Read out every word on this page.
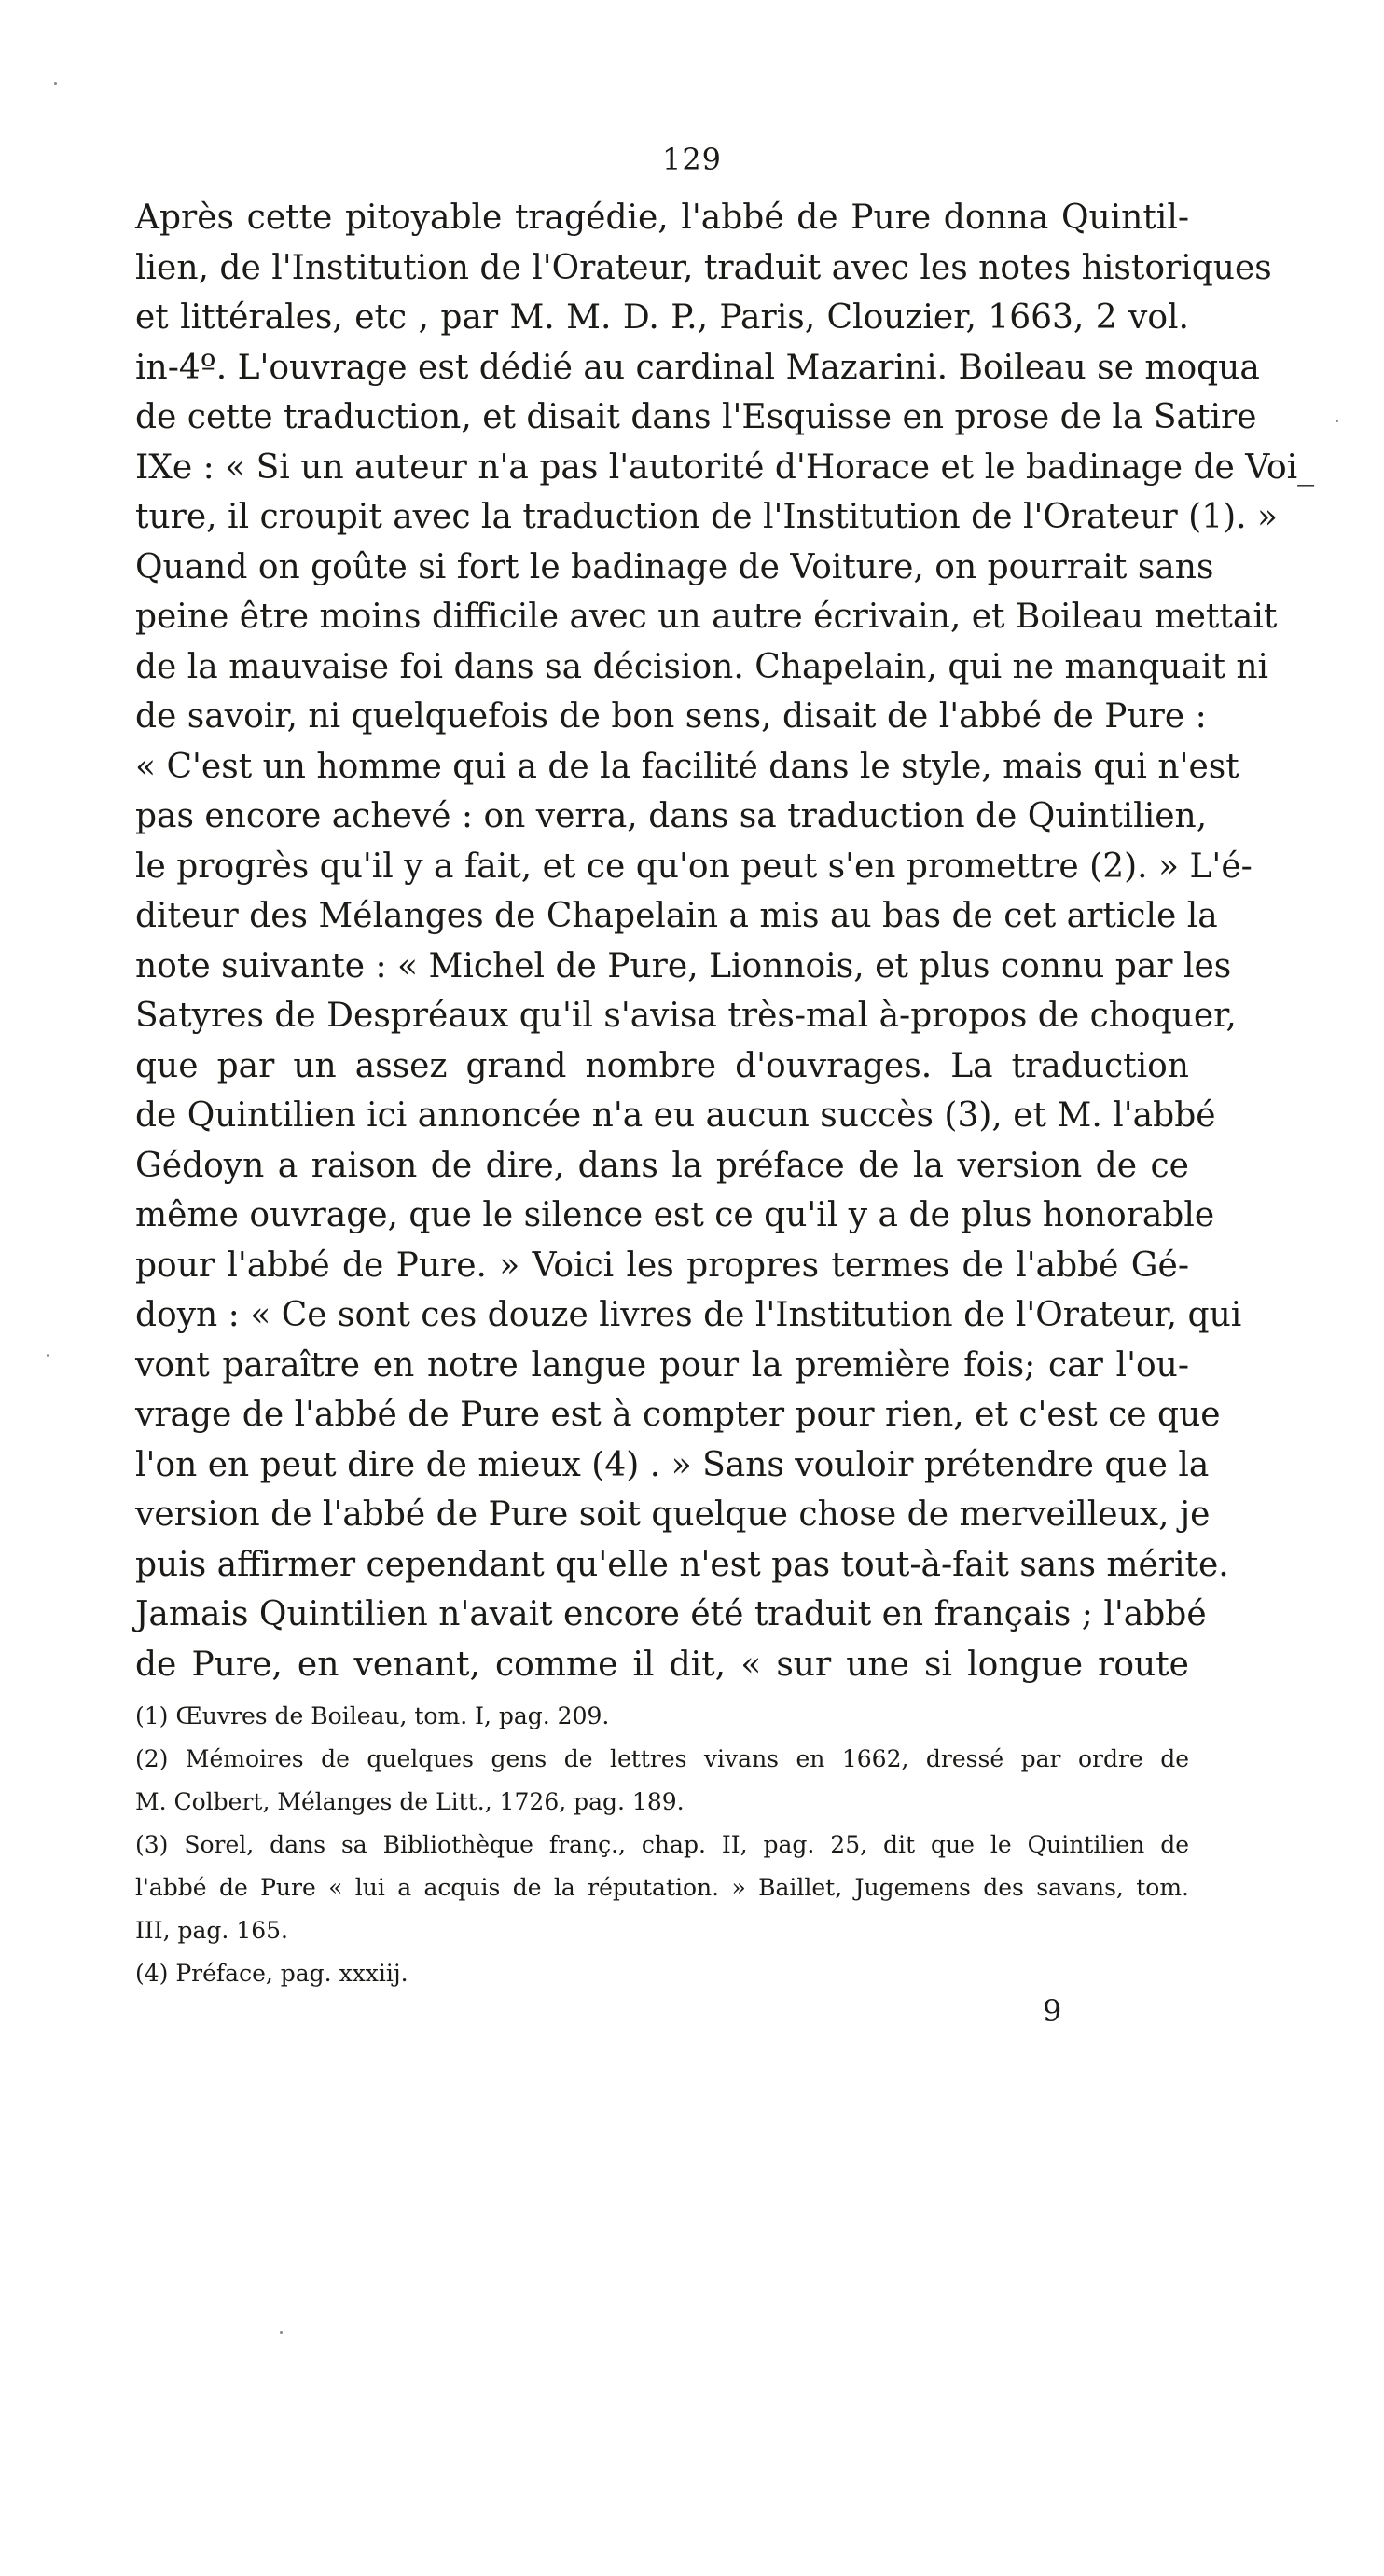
129
Après cette pitoyable tragédie, l'abbé de Pure donna Quintil-
lien, de l'Institution de l'Orateur, traduit avec les notes historiques
et littérales, etc , par M. M. D. P., Paris, Clouzier, 1663, 2 vol.
in-4º. L'ouvrage est dédié au cardinal Mazarini. Boileau se moqua
de cette traduction, et disait dans l'Esquisse en prose de la Satire
IXe : « Si un auteur n'a pas l'autorité d'Horace et le badinage de Voi_
ture, il croupit avec la traduction de l'Institution de l'Orateur (1). »
Quand on goûte si fort le badinage de Voiture, on pourrait sans
peine être moins difficile avec un autre écrivain, et Boileau mettait
de la mauvaise foi dans sa décision. Chapelain, qui ne manquait ni
de savoir, ni quelquefois de bon sens, disait de l'abbé de Pure :
« C'est un homme qui a de la facilité dans le style, mais qui n'est
pas encore achevé : on verra, dans sa traduction de Quintilien,
le progrès qu'il y a fait, et ce qu'on peut s'en promettre (2). » L'é-
diteur des Mélanges de Chapelain a mis au bas de cet article la
note suivante : « Michel de Pure, Lionnois, et plus connu par les
Satyres de Despréaux qu'il s'avisa très-mal à-propos de choquer,
que par un assez grand nombre d'ouvrages. La traduction
de Quintilien ici annoncée n'a eu aucun succès (3), et M. l'abbé
Gédoyn a raison de dire, dans la préface de la version de ce
même ouvrage, que le silence est ce qu'il y a de plus honorable
pour l'abbé de Pure. » Voici les propres termes de l'abbé Gé-
doyn : « Ce sont ces douze livres de l'Institution de l'Orateur, qui
vont paraître en notre langue pour la première fois; car l'ou-
vrage de l'abbé de Pure est à compter pour rien, et c'est ce que
l'on en peut dire de mieux (4) . » Sans vouloir prétendre que la
version de l'abbé de Pure soit quelque chose de merveilleux, je
puis affirmer cependant qu'elle n'est pas tout-à-fait sans mérite.
Jamais Quintilien n'avait encore été traduit en français ; l'abbé
de Pure, en venant, comme il dit, « sur une si longue route
(1) Œuvres de Boileau, tom. I, pag. 209.
(2) Mémoires de quelques gens de lettres vivans en 1662, dressé par ordre de
M. Colbert, Mélanges de Litt., 1726, pag. 189.
(3) Sorel, dans sa Bibliothèque franç., chap. II, pag. 25, dit que le Quintilien de
l'abbé de Pure « lui a acquis de la réputation. » Baillet, Jugemens des savans, tom.
III, pag. 165.
(4) Préface, pag. xxxiij.
9
